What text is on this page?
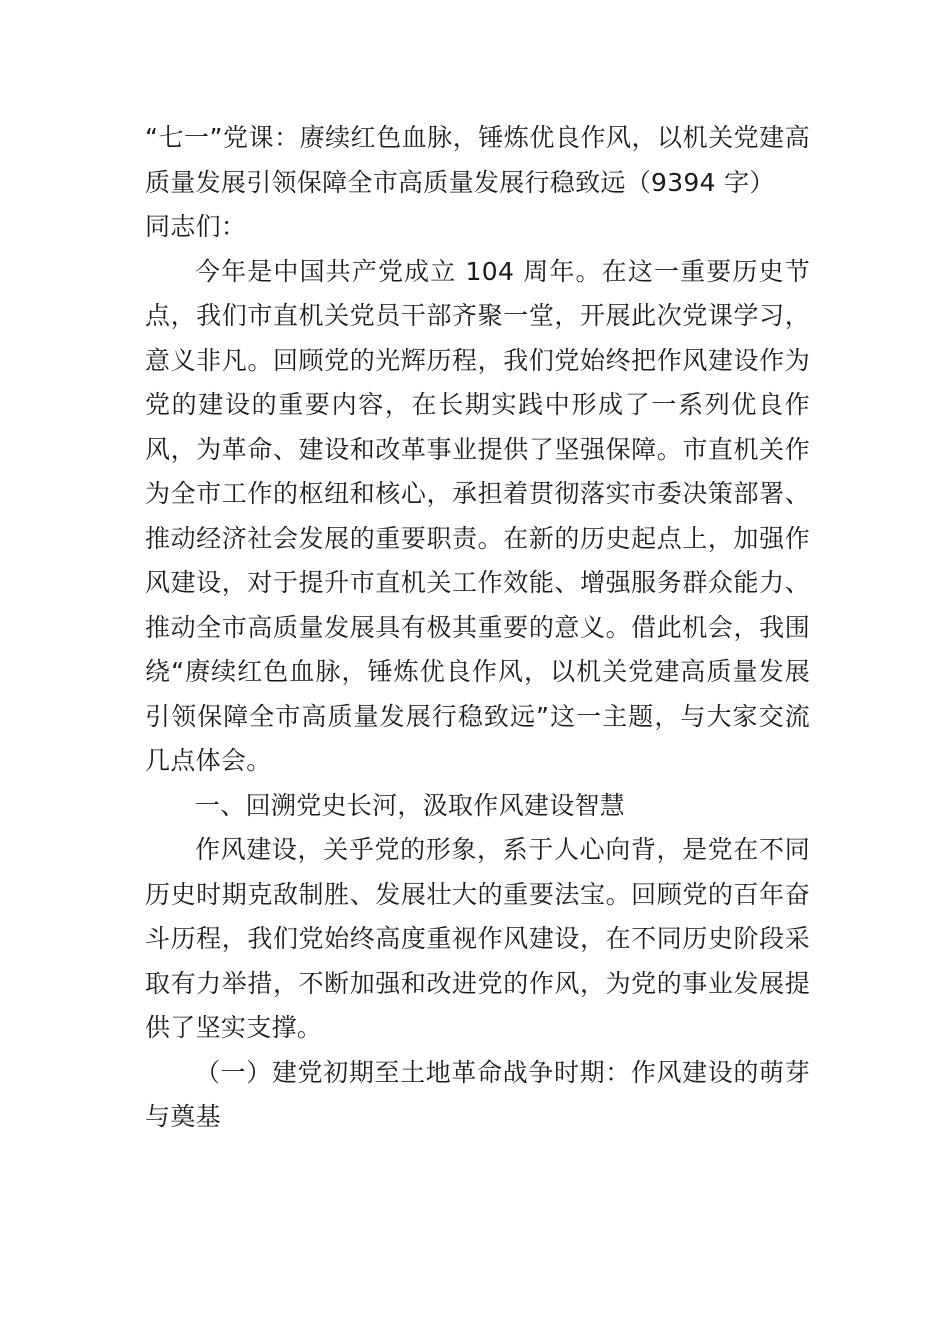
“七一”党课：赓续红色血脉，锤炼优良作风，以机关党建高质量发展引领保障全市高质量发展行稳致远（9394 字）

同志们：

今年是中国共产党成立 104 周年。在这一重要历史节点，我们市直机关党员干部齐聚一堂，开展此次党课学习，意义非凡。回顾党的光辉历程，我们党始终把作风建设作为党的建设的重要内容，在长期实践中形成了一系列优良作风，为革命、建设和改革事业提供了坚强保障。市直机关作为全市工作的枢纽和核心，承担着贯彻落实市委决策部署、推动经济社会发展的重要职责。在新的历史起点上，加强作风建设，对于提升市直机关工作效能、增强服务群众能力、推动全市高质量发展具有极其重要的意义。借此机会，我围绕“赓续红色血脉，锤炼优良作风，以机关党建高质量发展引领保障全市高质量发展行稳致远”这一主题，与大家交流几点体会。

一、回溯党史长河，汲取作风建设智慧

作风建设，关乎党的形象，系于人心向背，是党在不同历史时期克敌制胜、发展壮大的重要法宝。回顾党的百年奋斗历程，我们党始终高度重视作风建设，在不同历史阶段采取有力举措，不断加强和改进党的作风，为党的事业发展提供了坚实支撑。

（一）建党初期至土地革命战争时期：作风建设的萌芽与奠基
